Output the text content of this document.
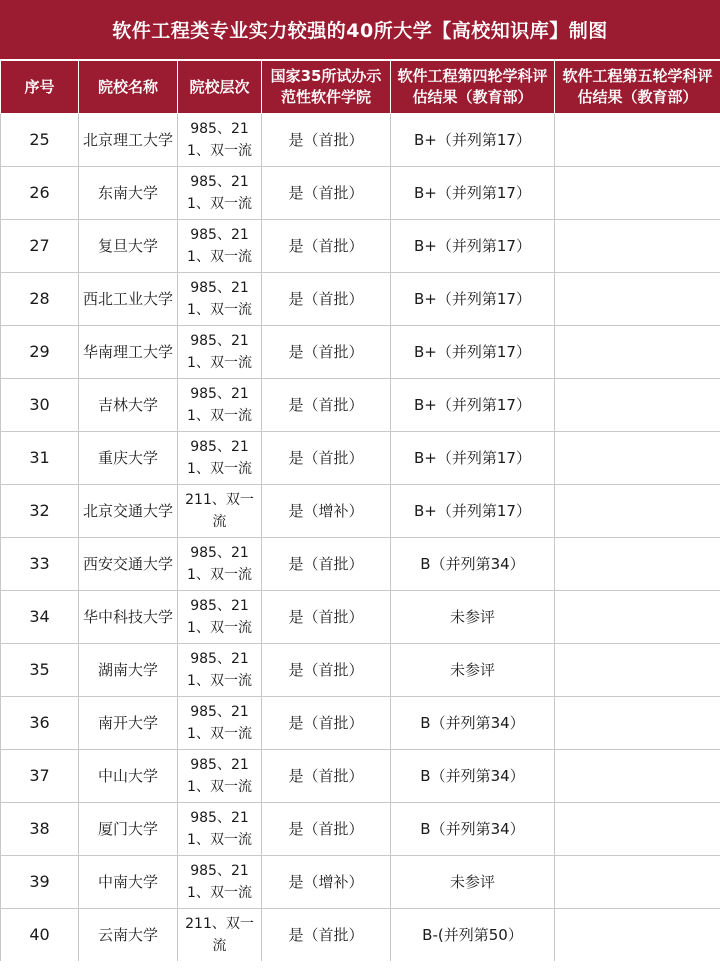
软件工程类专业实力较强的40所大学【高校知识库】制图
序号	院校名称	院校层次	国家35所试办示范性软件学院	软件工程第四轮学科评估结果（教育部）	软件工程第五轮学科评估结果（教育部）
25	北京理工大学	985、211、双一流	是（首批）	B+（并列第17）	
26	东南大学	985、211、双一流	是（首批）	B+（并列第17）	
27	复旦大学	985、211、双一流	是（首批）	B+（并列第17）	
28	西北工业大学	985、211、双一流	是（首批）	B+（并列第17）	
29	华南理工大学	985、211、双一流	是（首批）	B+（并列第17）	
30	吉林大学	985、211、双一流	是（首批）	B+（并列第17）	
31	重庆大学	985、211、双一流	是（首批）	B+（并列第17）	
32	北京交通大学	211、双一流	是（增补）	B+（并列第17）	
33	西安交通大学	985、211、双一流	是（首批）	B（并列第34）	
34	华中科技大学	985、211、双一流	是（首批）	未参评	
35	湖南大学	985、211、双一流	是（首批）	未参评	
36	南开大学	985、211、双一流	是（首批）	B（并列第34）	
37	中山大学	985、211、双一流	是（首批）	B（并列第34）	
38	厦门大学	985、211、双一流	是（首批）	B（并列第34）	
39	中南大学	985、211、双一流	是（增补）	未参评	
40	云南大学	211、双一流	是（首批）	B-(并列第50）	
